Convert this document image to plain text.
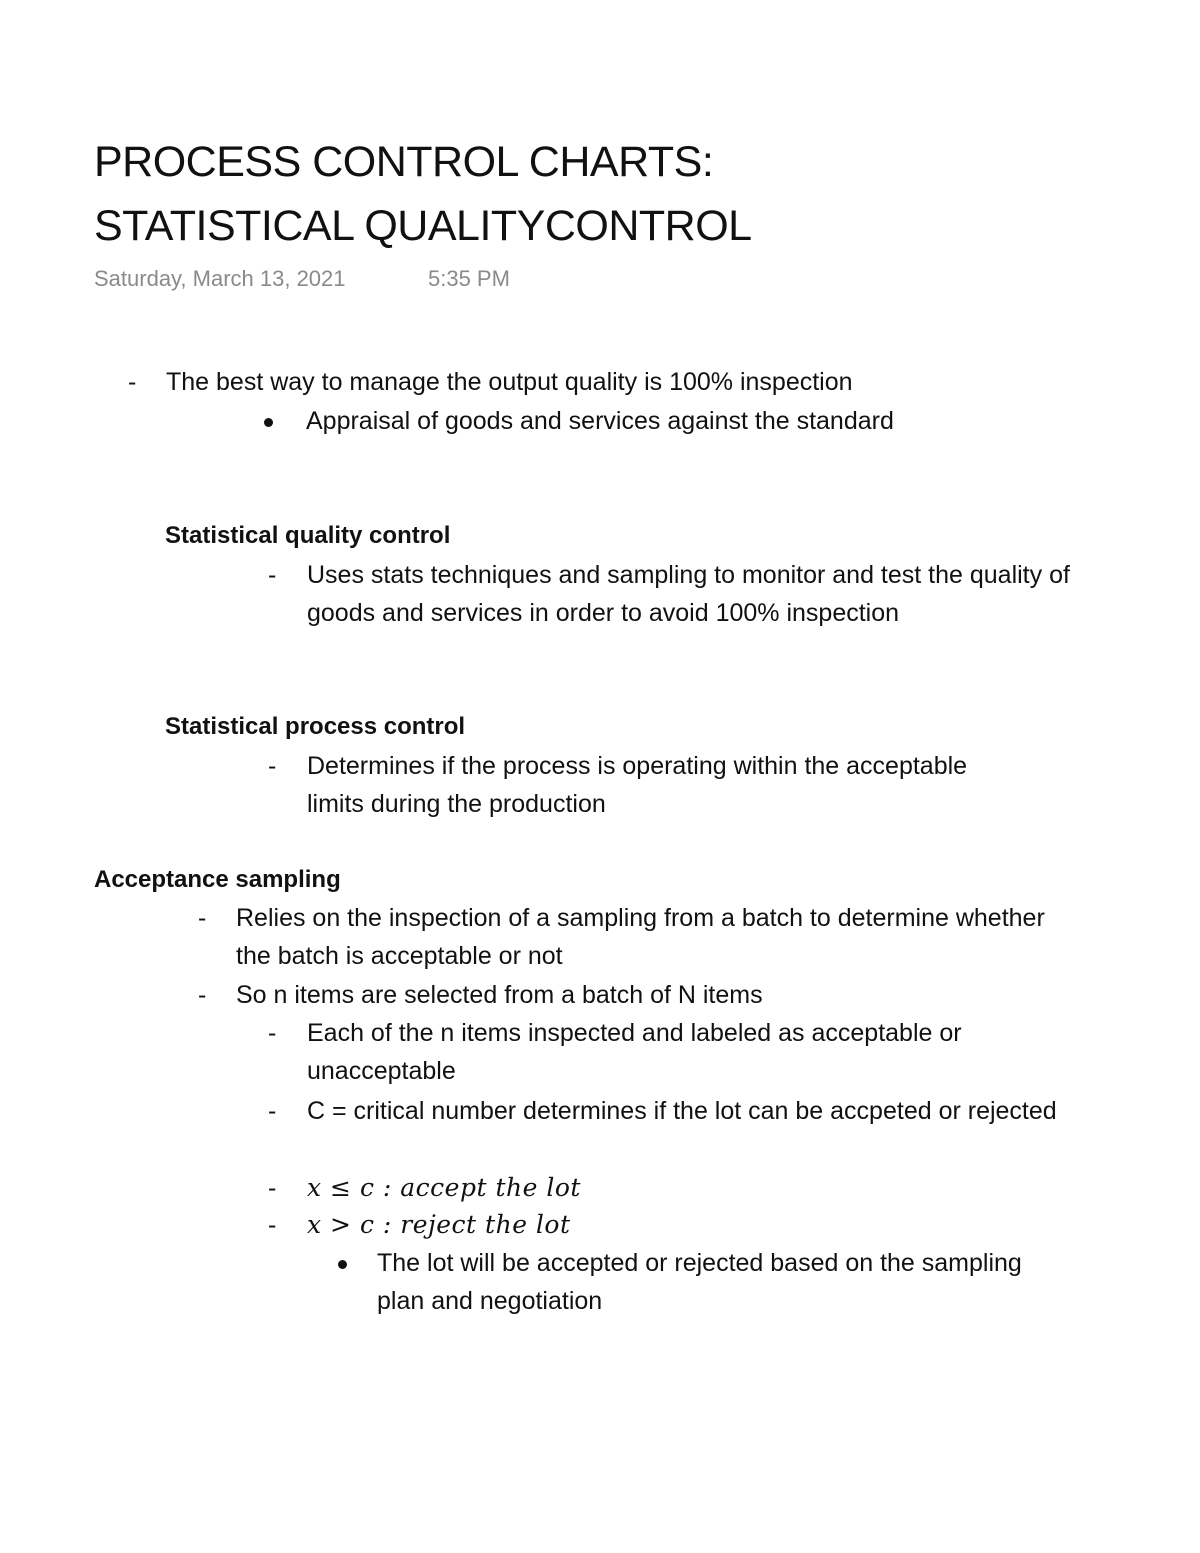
PROCESS CONTROL CHARTS:
STATISTICAL QUALITYCONTROL
Saturday, March 13, 2021	5:35 PM
- The best way to manage the output quality is 100% inspection
Appraisal of goods and services against the standard
Statistical quality control
- Uses stats techniques and sampling to monitor and test the quality of goods and services in order to avoid 100% inspection
Statistical process control
- Determines if the process is operating within the acceptable limits during the production
Acceptance sampling
- Relies on the inspection of a sampling from a batch to determine whether the batch is acceptable or not
- So n items are selected from a batch of N items
- Each of the n items inspected and labeled as acceptable or unacceptable
- C = critical number determines if the lot can be accpeted or rejected
- x ≤ c : accept the lot
- x > c : reject the lot
The lot will be accepted or rejected based on the sampling plan and negotiation
